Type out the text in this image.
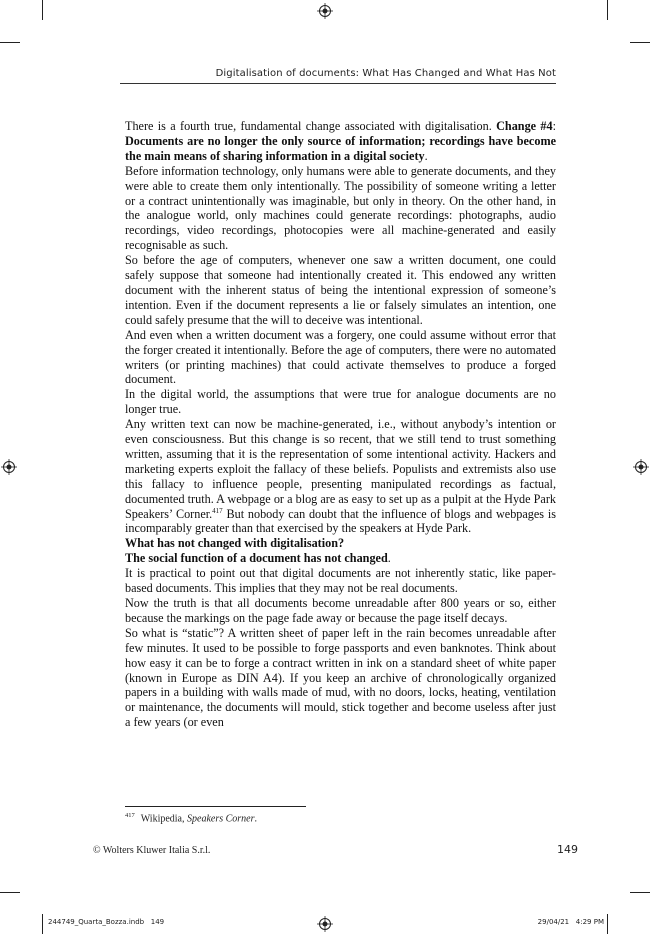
Digitalisation of documents: What Has Changed and What Has Not

There is a fourth true, fundamental change associated with digitalisation. Change #4: Documents are no longer the only source of information; recordings have become the main means of sharing information in a digital society.

Before information technology, only humans were able to generate documents, and they were able to create them only intentionally. The possibility of someone writing a letter or a contract unintentionally was imaginable, but only in theory. On the other hand, in the analogue world, only machines could generate recordings: photographs, audio recordings, video recordings, photocopies were all machine-generated and easily recognisable as such.

So before the age of computers, whenever one saw a written document, one could safely suppose that someone had intentionally created it. This endowed any written document with the inherent status of being the intentional expression of someone’s intention. Even if the document represents a lie or falsely simulates an intention, one could safely presume that the will to deceive was intentional.

And even when a written document was a forgery, one could assume without error that the forger created it intentionally. Before the age of computers, there were no automated writers (or printing machines) that could activate themselves to produce a forged document.

In the digital world, the assumptions that were true for analogue documents are no longer true.

Any written text can now be machine-generated, i.e., without anybody’s intention or even consciousness. But this change is so recent, that we still tend to trust something written, assuming that it is the representation of some intentional activity. Hackers and marketing experts exploit the fallacy of these beliefs. Populists and extremists also use this fallacy to influence people, presenting manipulated recordings as factual, documented truth. A webpage or a blog are as easy to set up as a pulpit at the Hyde Park Speakers’ Corner.$^{417}$ But nobody can doubt that the influence of blogs and webpages is incomparably greater than that exercised by the speakers at Hyde Park.

What has not changed with digitalisation?

The social function of a document has not changed.

It is practical to point out that digital documents are not inherently static, like paper-based documents. This implies that they may not be real documents.

Now the truth is that all documents become unreadable after 800 years or so, either because the markings on the page fade away or because the page itself decays.

So what is “static”? A written sheet of paper left in the rain becomes unreadable after few minutes. It used to be possible to forge passports and even banknotes. Think about how easy it can be to forge a contract written in ink on a standard sheet of white paper (known in Europe as DIN A4). If you keep an archive of chronologically organized papers in a building with walls made of mud, with no doors, locks, heating, ventilation or maintenance, the documents will mould, stick together and become useless after just a few years (or even

$^{417}$ Wikipedia, Speakers Corner.
© Wolters Kluwer Italia S.r.l.	149
244749_Quarta_Bozza.indb   149	29/04/21   4:29 PM
